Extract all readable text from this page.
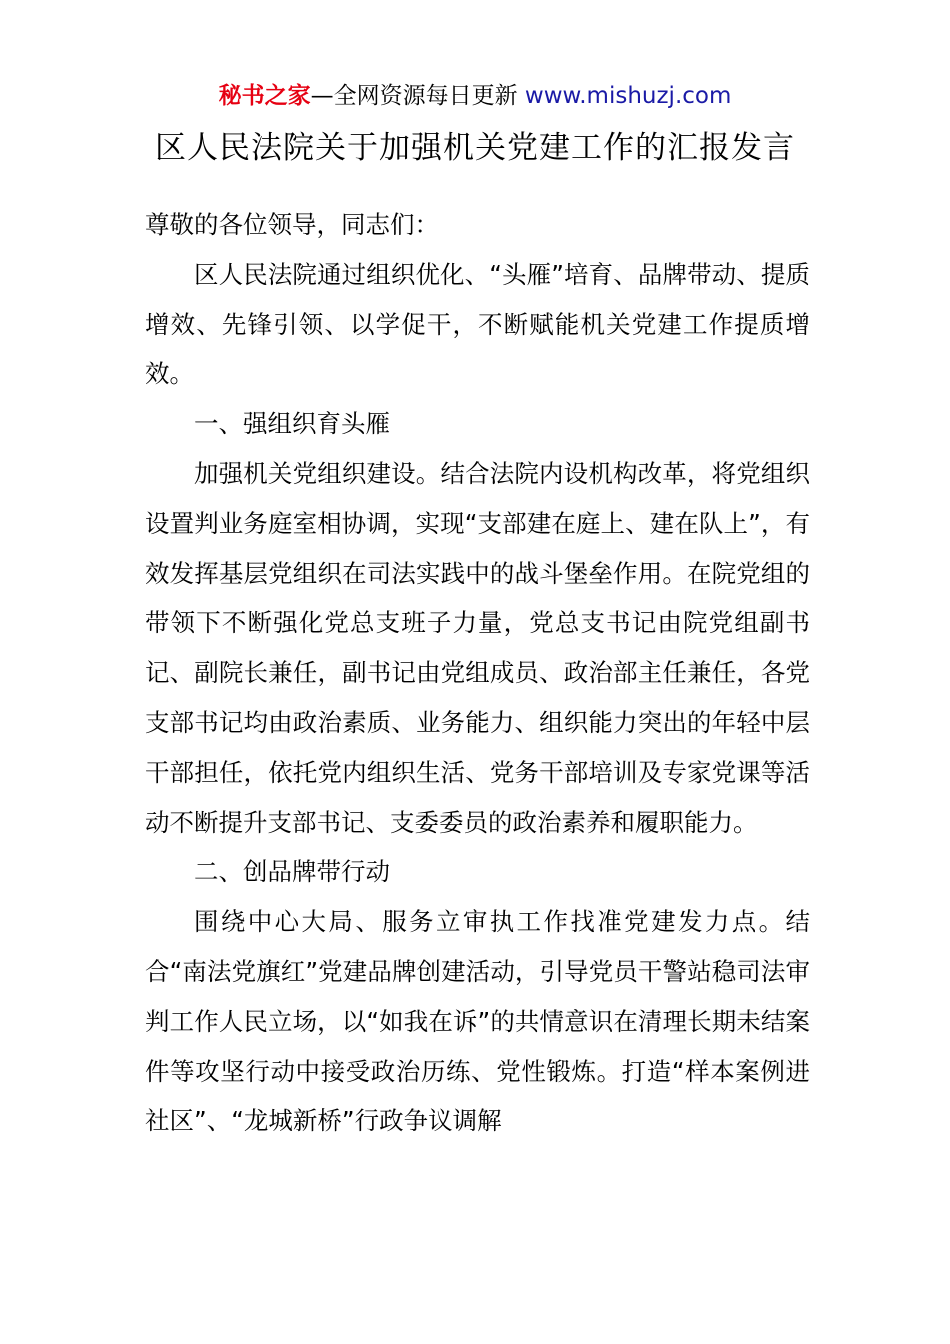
秘书之家—全网资源每日更新 www.mishuzj.com
区人民法院关于加强机关党建工作的汇报发言

尊敬的各位领导，同志们：

区人民法院通过组织优化、“头雁”培育、品牌带动、提质增效、先锋引领、以学促干，不断赋能机关党建工作提质增效。

一、强组织育头雁

加强机关党组织建设。结合法院内设机构改革，将党组织设置判业务庭室相协调，实现“支部建在庭上、建在队上”，有效发挥基层党组织在司法实践中的战斗堡垒作用。在院党组的带领下不断强化党总支班子力量，党总支书记由院党组副书记、副院长兼任，副书记由党组成员、政治部主任兼任，各党支部书记均由政治素质、业务能力、组织能力突出的年轻中层干部担任，依托党内组织生活、党务干部培训及专家党课等活动不断提升支部书记、支委委员的政治素养和履职能力。

二、创品牌带行动

围绕中心大局、服务立审执工作找准党建发力点。结合“南法党旗红”党建品牌创建活动，引导党员干警站稳司法审判工作人民立场，以“如我在诉”的共情意识在清理长期未结案件等攻坚行动中接受政治历练、党性锻炼。打造“样本案例进社区”、“龙城新桥”行政争议调解
